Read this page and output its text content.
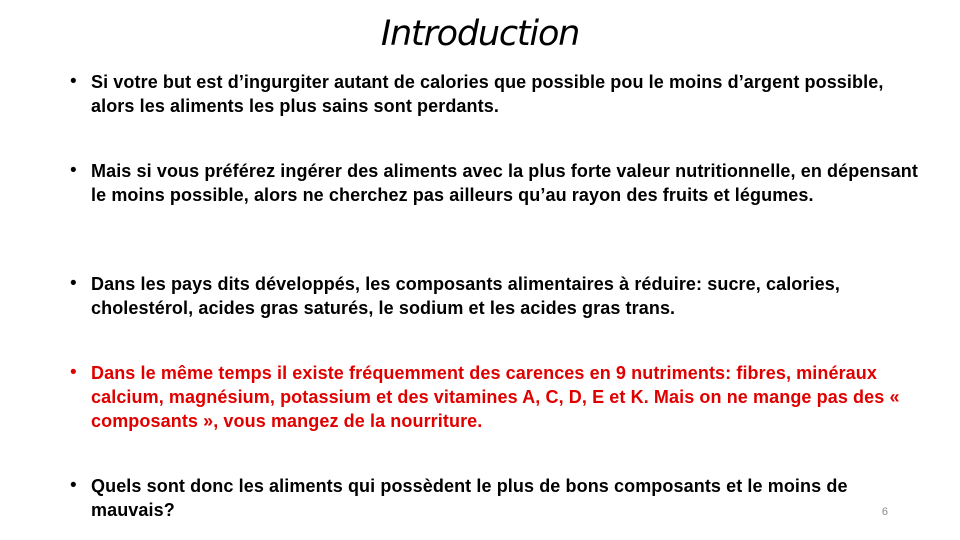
Introduction
• Si votre but est d’ingurgiter autant de calories que possible pou le moins d’argent possible, alors les aliments les plus sains sont perdants.
• Mais si vous préférez ingérer des aliments avec la plus forte valeur nutritionnelle, en dépensant le moins possible, alors ne cherchez pas ailleurs qu’au rayon des fruits et légumes.
• Dans les pays dits développés, les composants alimentaires à réduire: sucre, calories, cholestérol, acides gras saturés, le sodium et les acides gras trans.
• Dans le même temps il existe fréquemment des carences en 9 nutriments: fibres, minéraux calcium, magnésium, potassium et des vitamines A, C, D, E et K. Mais on ne mange pas des « composants », vous mangez de la nourriture.
• Quels sont donc les aliments qui possèdent le plus de bons composants et le moins de mauvais?	6
